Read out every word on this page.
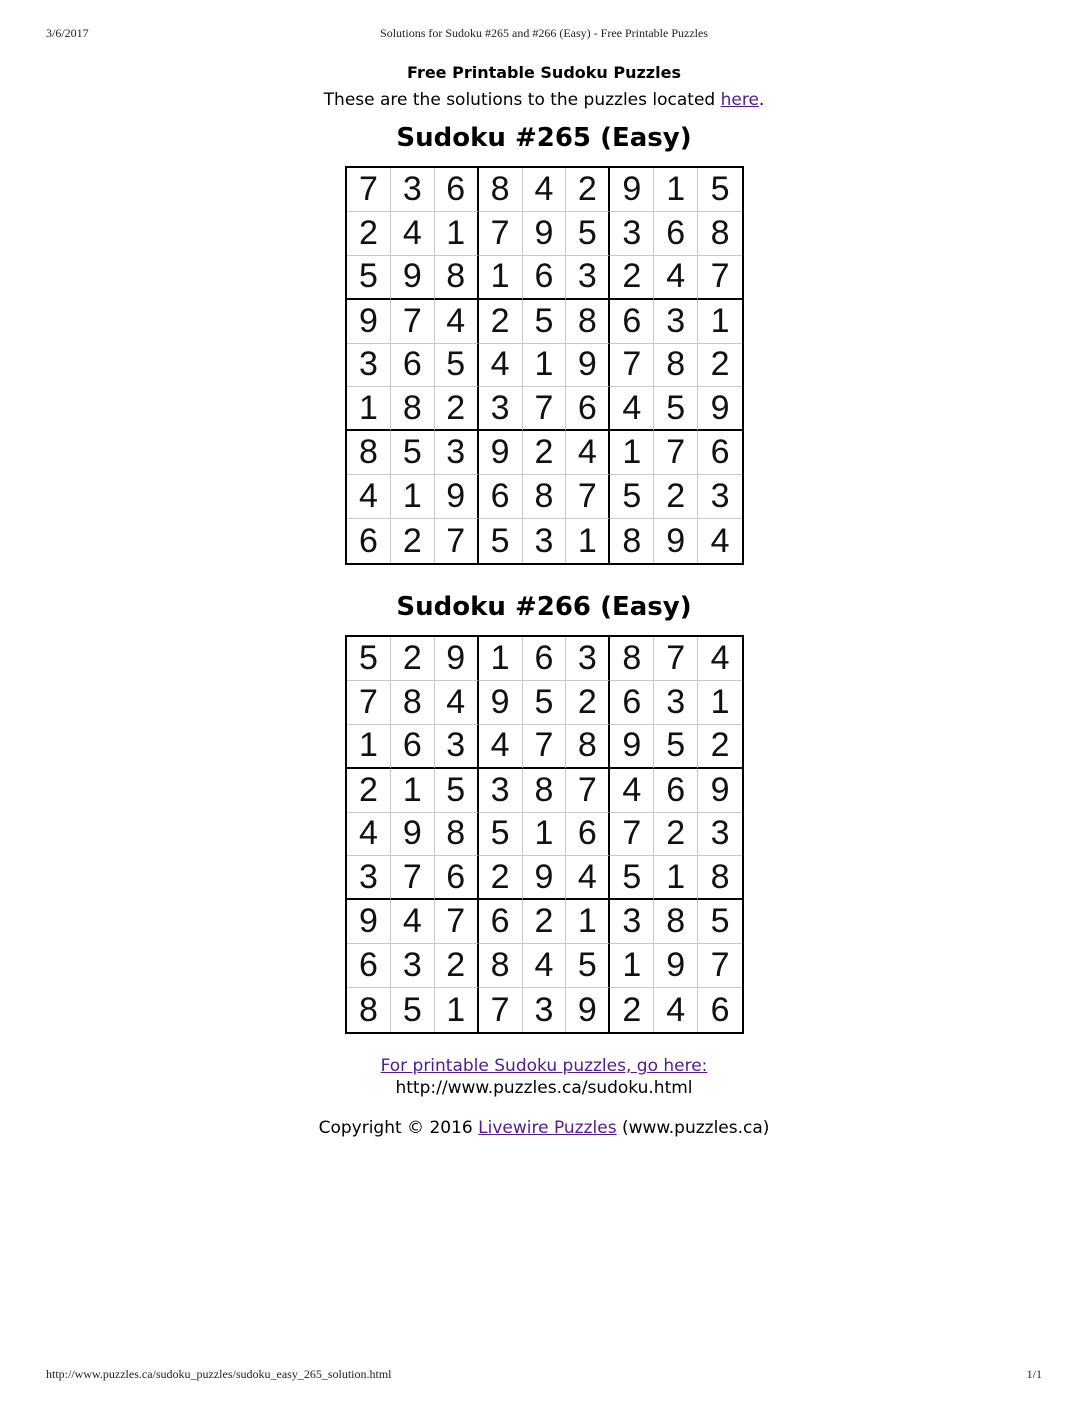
3/6/2017	Solutions for Sudoku #265 and #266 (Easy) - Free Printable Puzzles
Free Printable Sudoku Puzzles
These are the solutions to the puzzles located here.
Sudoku #265 (Easy)
7 3 6 8 4 2 9 1 5
2 4 1 7 9 5 3 6 8
5 9 8 1 6 3 2 4 7
9 7 4 2 5 8 6 3 1
3 6 5 4 1 9 7 8 2
1 8 2 3 7 6 4 5 9
8 5 3 9 2 4 1 7 6
4 1 9 6 8 7 5 2 3
6 2 7 5 3 1 8 9 4
Sudoku #266 (Easy)
5 2 9 1 6 3 8 7 4
7 8 4 9 5 2 6 3 1
1 6 3 4 7 8 9 5 2
2 1 5 3 8 7 4 6 9
4 9 8 5 1 6 7 2 3
3 7 6 2 9 4 5 1 8
9 4 7 6 2 1 3 8 5
6 3 2 8 4 5 1 9 7
8 5 1 7 3 9 2 4 6
For printable Sudoku puzzles, go here:
http://www.puzzles.ca/sudoku.html
Copyright © 2016 Livewire Puzzles (www.puzzles.ca)
http://www.puzzles.ca/sudoku_puzzles/sudoku_easy_265_solution.html	1/1
